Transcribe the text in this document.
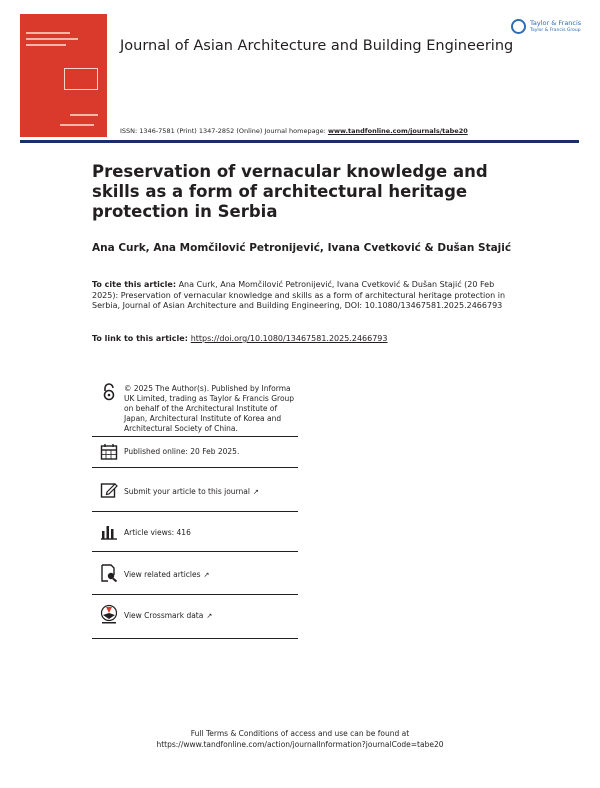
Journal of Asian Architecture and Building Engineering
Taylor & Francis
Taylor & Francis Group
ISSN: 1346-7581 (Print) 1347-2852 (Online) Journal homepage: www.tandfonline.com/journals/tabe20
Preservation of vernacular knowledge and skills as a form of architectural heritage protection in Serbia
Ana Curk, Ana Momčilović Petronijević, Ivana Cvetković & Dušan Stajić
To cite this article: Ana Curk, Ana Momčilović Petronijević, Ivana Cvetković & Dušan Stajić (20 Feb 2025): Preservation of vernacular knowledge and skills as a form of architectural heritage protection in Serbia, Journal of Asian Architecture and Building Engineering, DOI: 10.1080/13467581.2025.2466793
To link to this article: https://doi.org/10.1080/13467581.2025.2466793
© 2025 The Author(s). Published by Informa UK Limited, trading as Taylor & Francis Group on behalf of the Architectural Institute of Japan, Architectural Institute of Korea and Architectural Society of China.
Published online: 20 Feb 2025.
Submit your article to this journal ↗
Article views: 416
View related articles ↗
View Crossmark data ↗
Full Terms & Conditions of access and use can be found at
https://www.tandfonline.com/action/journalInformation?journalCode=tabe20
